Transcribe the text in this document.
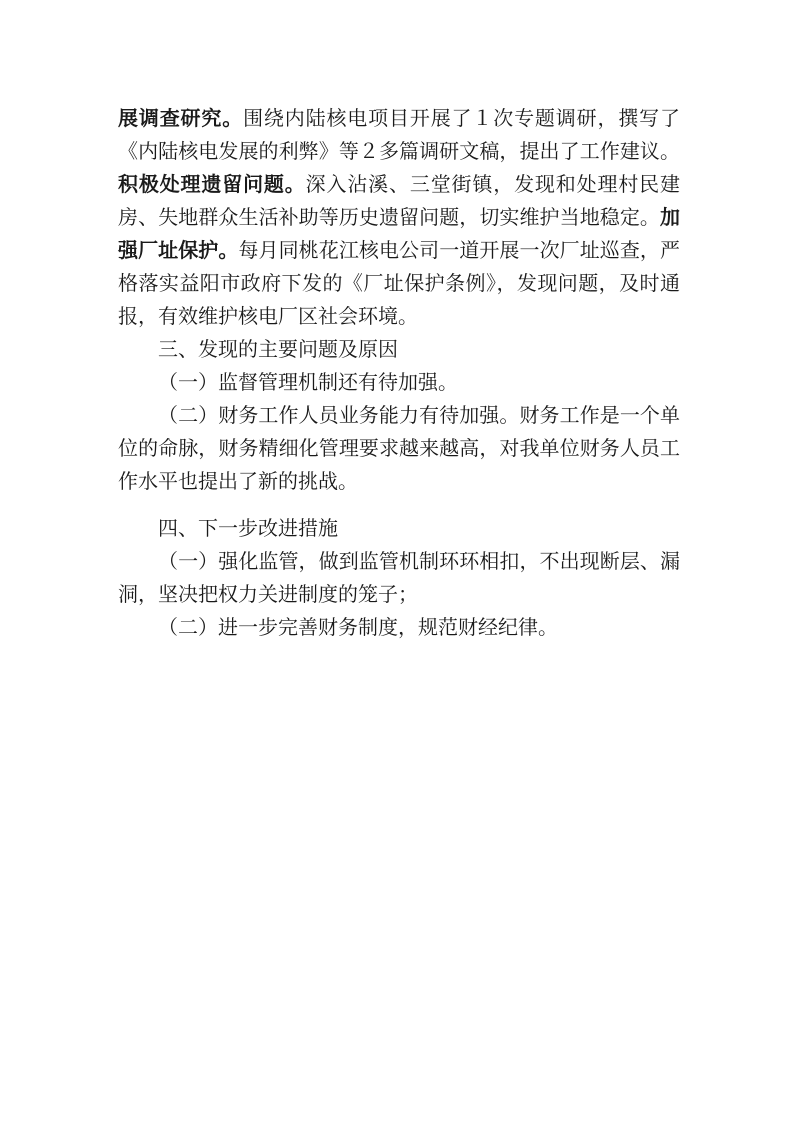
展调查研究。围绕内陆核电项目开展了１次专题调研，撰写了《内陆核电发展的利弊》等２多篇调研文稿，提出了工作建议。积极处理遗留问题。深入沾溪、三堂街镇，发现和处理村民建房、失地群众生活补助等历史遗留问题，切实维护当地稳定。加强厂址保护。每月同桃花江核电公司一道开展一次厂址巡查，严格落实益阳市政府下发的《厂址保护条例》，发现问题，及时通报，有效维护核电厂区社会环境。

三、发现的主要问题及原因

（一）监督管理机制还有待加强。

（二）财务工作人员业务能力有待加强。财务工作是一个单位的命脉，财务精细化管理要求越来越高，对我单位财务人员工作水平也提出了新的挑战。

四、下一步改进措施

（一）强化监管，做到监管机制环环相扣，不出现断层、漏洞，坚决把权力关进制度的笼子；

（二）进一步完善财务制度，规范财经纪律。
